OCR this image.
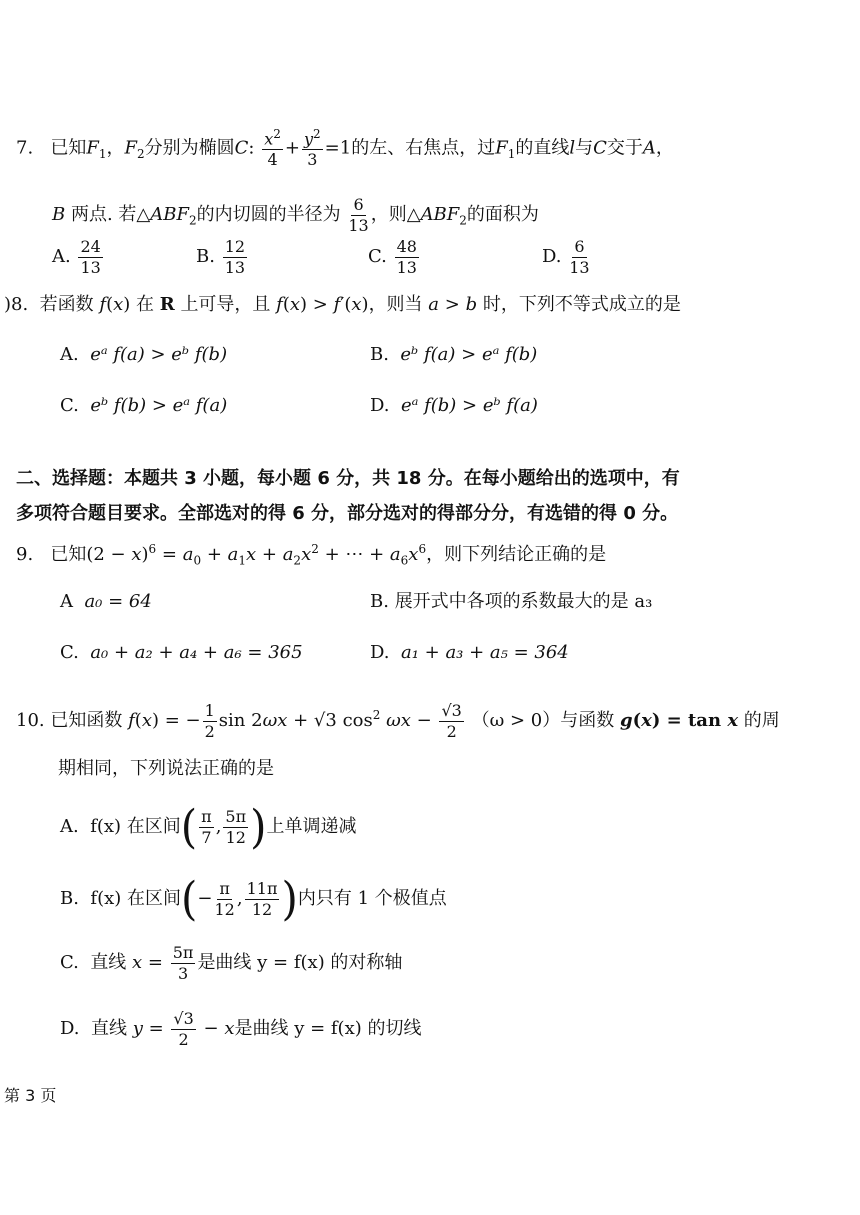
7. 已知$F_1$，$F_2$分别为椭圆C: $\frac{x^2}{4} + \frac{y^2}{3} =1$的左、右焦点，过$F_1$的直线l与C交于A，
B 两点. 若$\triangle ABF_2$的内切圆的半径为 $\frac{6}{13}$ ，则$\triangle ABF_2$的面积为
A. $\frac{24}{13}$	B. $\frac{12}{13}$	C. $\frac{48}{13}$	D. $\frac{6}{13}$
)8. 若函数 f(x) 在 R 上可导，且 f(x) > f′(x)，则当 a > b 时，下列不等式成立的是
A. eᵃ f(a) > eᵇ f(b)	B. eᵇ f(a) > eᵃ f(b)
C. eᵇ f(b) > eᵃ f(a)	D. eᵃ f(b) > eᵇ f(a)
二、选择题：本题共 3 小题，每小题 6 分，共 18 分。在每小题给出的选项中，有
多项符合题目要求。全部选对的得 6 分，部分选对的得部分分，有选错的得 0 分。
9. 已知$(2 - x)^6 = a_0 + a_1x + a_2x^2$ + ⋯ + $a_6x^6$，则下列结论正确的是
A a₀ = 64	B. 展开式中各项的系数最大的是 a₃
C. a₀ + a₂ + a₄ + a₆ = 365	D. a₁ + a₃ + a₅ = 364
10. 已知函数 f(x) = − $\frac{1}{2}$ sin 2ωx + √3 $\cos^2 \omega x - \frac{√3}{2} (\omega > 0)$与函数 g(x) = tan x 的周
期相同，下列说法正确的是
A. f(x) 在区间( $\frac{\pi}{7}$ , $\frac{5\pi}{12}$ )上单调递减
B. f(x) 在区间(− $\frac{\pi}{12}$ , $\frac{11\pi}{12}$ )内只有 1 个极值点
C. 直线 $x = \frac{5\pi}{3}$ 是曲线 y = f(x) 的对称轴
D. 直线 $y = \frac{√3}{2} - x$是曲线 y = f(x) 的切线
第 3 页
